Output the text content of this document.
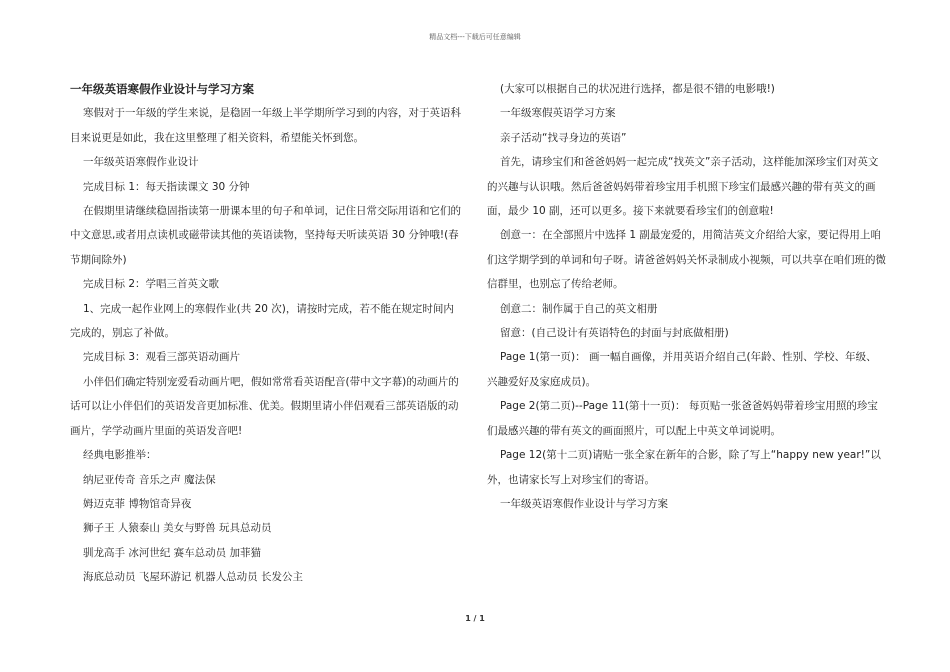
精品文档---下载后可任意编辑

一年级英语寒假作业设计与学习方案

寒假对于一年级的学生来说，是稳固一年级上半学期所学习到的内容，对于英语科目来说更是如此，我在这里整理了相关资料，希望能关怀到您。

一年级英语寒假作业设计

完成目标 1：每天指读课文 30 分钟

在假期里请继续稳固指读第一册课本里的句子和单词，记住日常交际用语和它们的中文意思,或者用点读机或磁带读其他的英语读物，坚持每天听读英语 30 分钟哦!(春节期间除外)

完成目标 2：学唱三首英文歌

1、完成一起作业网上的寒假作业(共 20 次)，请按时完成，若不能在规定时间内完成的，别忘了补做。

完成目标 3：观看三部英语动画片

小伴侣们确定特别宠爱看动画片吧，假如常常看英语配音(带中文字幕)的动画片的话可以让小伴侣们的英语发音更加标准、优美。假期里请小伴侣观看三部英语版的动画片，学学动画片里面的英语发音吧!

经典电影推举：

纳尼亚传奇 音乐之声 魔法保

姆迈克菲 博物馆奇异夜

狮子王 人猿泰山 美女与野兽 玩具总动员

驯龙高手 冰河世纪 赛车总动员 加菲猫

海底总动员 飞屋环游记 机器人总动员 长发公主

(大家可以根据自己的状况进行选择，都是很不错的电影哦!)

一年级寒假英语学习方案

亲子活动“找寻身边的英语”

首先，请珍宝们和爸爸妈妈一起完成“找英文”亲子活动，这样能加深珍宝们对英文的兴趣与认识哦。然后爸爸妈妈带着珍宝用手机照下珍宝们最感兴趣的带有英文的画面，最少 10 副，还可以更多。接下来就要看珍宝们的创意啦!

创意一：在全部照片中选择 1 副最宠爱的，用简洁英文介绍给大家，要记得用上咱们这学期学到的单词和句子呀。请爸爸妈妈关怀录制成小视频，可以共享在咱们班的微信群里，也别忘了传给老师。

创意二：制作属于自己的英文相册

留意：(自己设计有英语特色的封面与封底做相册)

Page 1(第一页)： 画一幅自画像，并用英语介绍自己(年龄、性别、学校、年级、兴趣爱好及家庭成员)。

Page 2(第二页)--Page 11(第十一页)： 每页贴一张爸爸妈妈带着珍宝用照的珍宝们最感兴趣的带有英文的画面照片，可以配上中英文单词说明。

Page 12(第十二页)请贴一张全家在新年的合影，除了写上“happy new year!”以外，也请家长写上对珍宝们的寄语。

一年级英语寒假作业设计与学习方案

1 / 1
